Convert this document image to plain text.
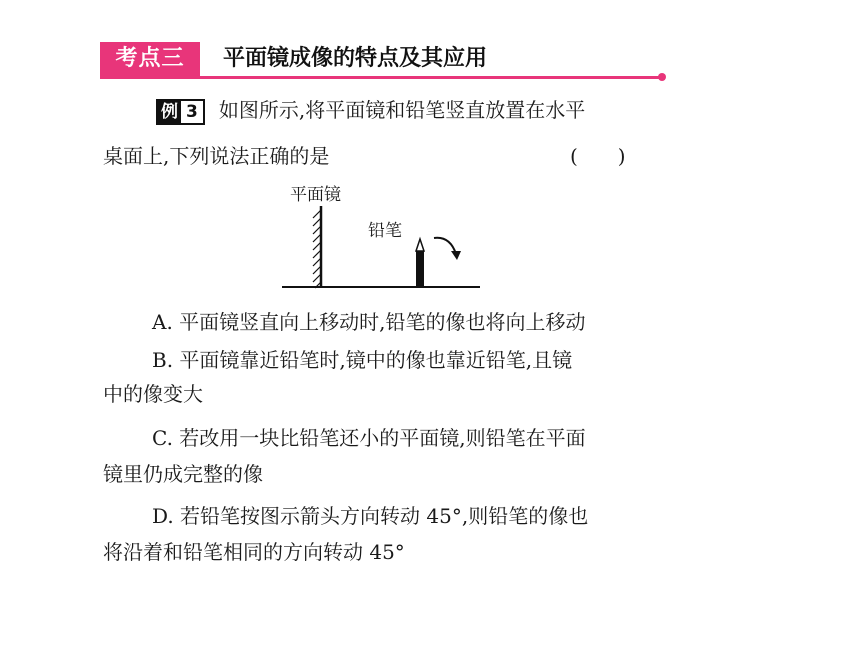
考点三	平面镜成像的特点及其应用
例 3 如图所示,将平面镜和铅笔竖直放置在水平
桌面上,下列说法正确的是	(　　)
平面镜
铅笔
A. 平面镜竖直向上移动时,铅笔的像也将向上移动
B. 平面镜靠近铅笔时,镜中的像也靠近铅笔,且镜
中的像变大
C. 若改用一块比铅笔还小的平面镜,则铅笔在平面
镜里仍成完整的像
D. 若铅笔按图示箭头方向转动 45°,则铅笔的像也
将沿着和铅笔相同的方向转动 45°
